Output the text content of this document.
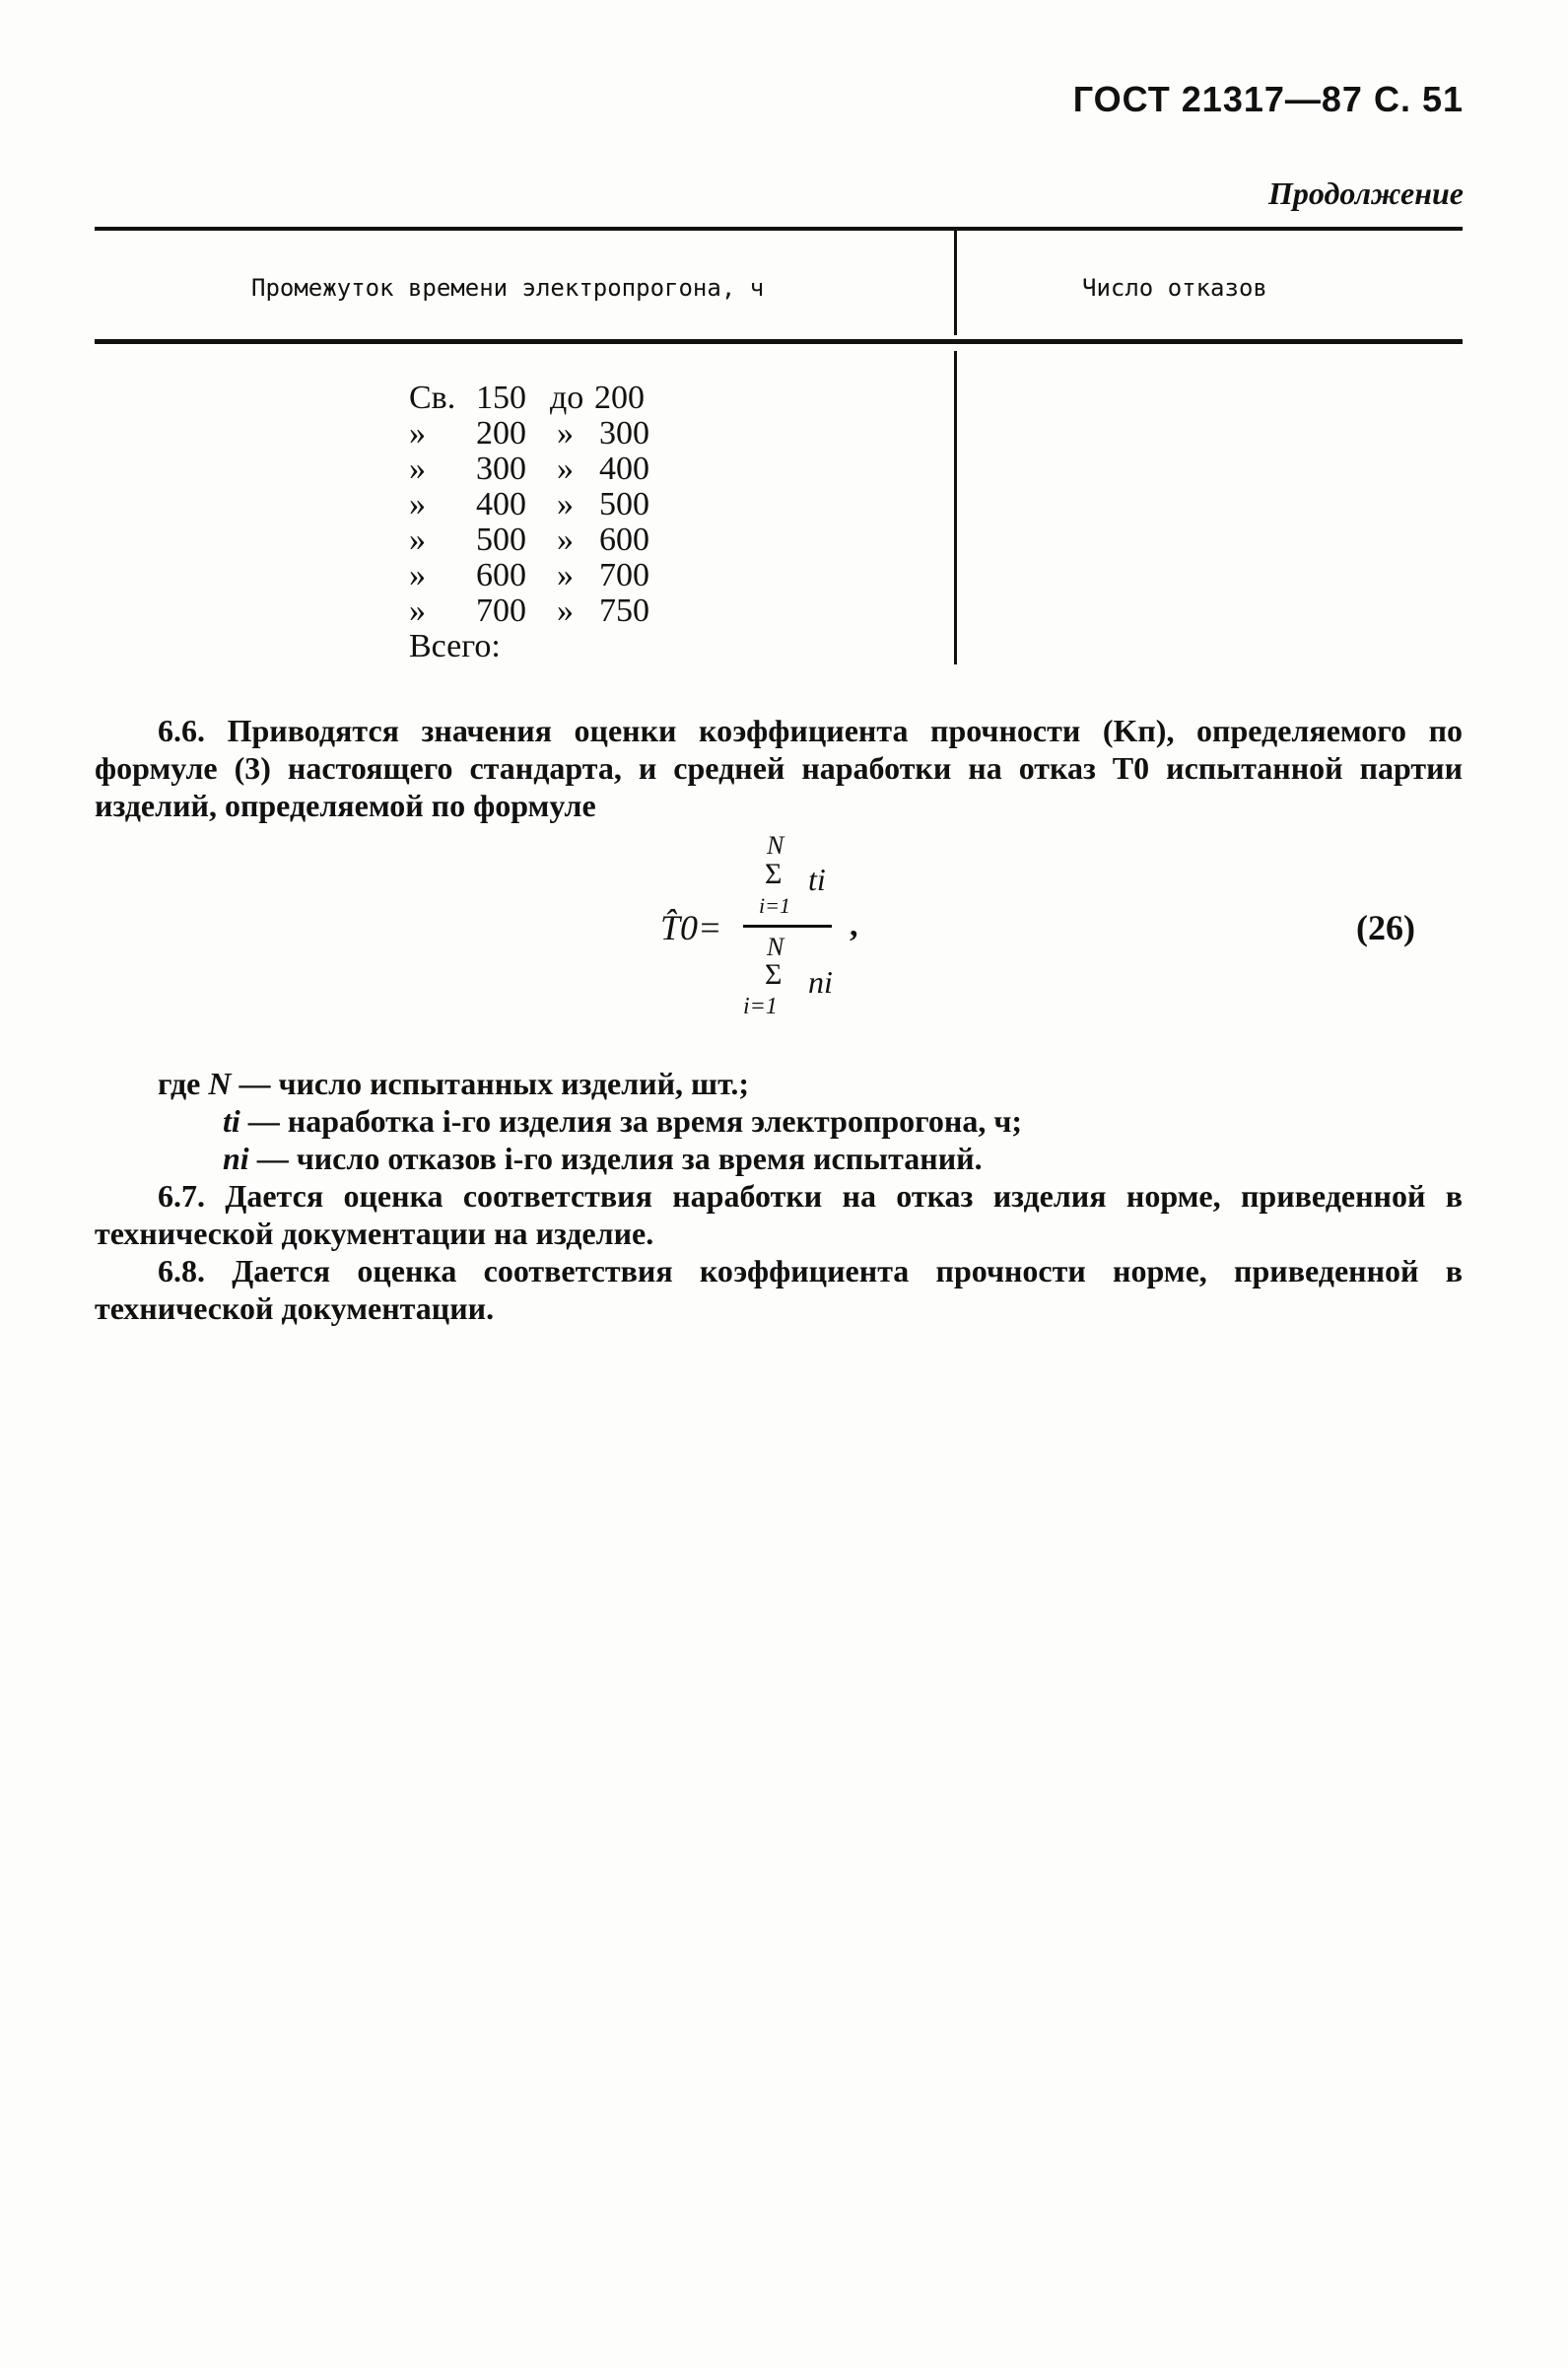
ГОСТ 21317—87 С. 51
Продолжение
Промежуток времени электропрогона, ч	Число отказов
Св. 150 до 200
» 200 » 300
» 300 » 400
» 400 » 500
» 500 » 600
» 600 » 700
» 700 » 750
Всего:
6.6. Приводятся значения оценки коэффициента прочности (Kп), определяемого по формуле (3) настоящего стандарта, и средней наработки на отказ T0 испытанной партии изделий, определяемой по формуле
T̂0=
N
Σ ti
i=1
,
N
Σ ni
i=1
(26)
где N — число испытанных изделий, шт.;
ti — наработка i-го изделия за время электропрогона, ч;
ni — число отказов i-го изделия за время испытаний.
6.7. Дается оценка соответствия наработки на отказ изделия норме, приведенной в технической документации на изделие.
6.8. Дается оценка соответствия коэффициента прочности норме, приведенной в технической документации.
